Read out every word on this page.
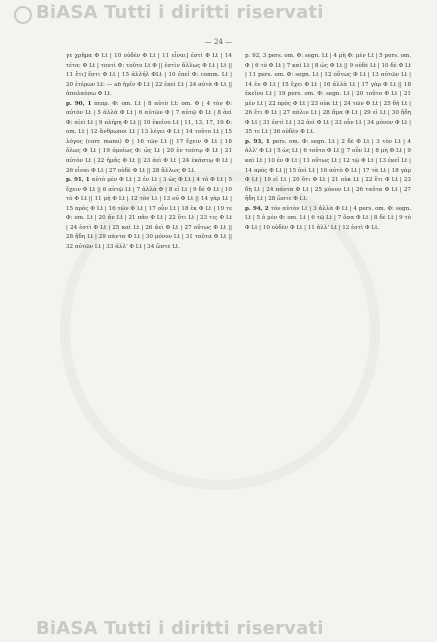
BiASA Tutti i diritti riservati
— 24 —

γε χρῆμα Φ Lt | 10 οὐδέν Φ Lt | 11 εἶναι] ἐστὶ Φ Lt | 14 τέτα: Φ Lt | τουτὶ Φ: τοῦτο Lt Φ || ἐστὶν ἄλλως Φ Lt | Lt || 11 ἔτι] ἔστι Φ Lt | 15 ἀλλήλ ΦLt | 10 ἐπεί Φ: comm. Lt | 20 ἑτέρων Lt: — ab ἡμῖν Φ Lt | 22 ἐπεὶ Lt | 24 αὐτὰ Φ Lt || ἀπολαύσω Φ Lt.

p. 90, 1 πεπρ. Φ: om. Lt | 8 αὐτὸ Lt: om. Φ | 4 τὸν Φ: αὐτὸν Lt | 5 ἀλλὰ Φ Lt | 6 αὐτῶν Φ | 7 αὐτῷ Φ Lt | 8 ἀεὶ Φ: αἰεὶ Lt | 9 πλήρη Φ Lt || 10 ἐκεῖνο Lt | 11, 13, 17, 19 Φ: om. Lt | 12 ἄνθρωποι Lt | 13 λέγει Φ Lt | 14 τοῦτο Lt | 15 λόγος (corr. manu) Φ | 16 τῶν Lt || 17 ἔχειν Φ Lt | 18 ὅλως Φ Lt | 19 ὁμοίως Φ: ὡς Lt | 20 ἐν τούτῳ Φ Lt | 21 αὐτὸν Lt | 22 ἡμᾶς Φ Lt || 23 ἀεὶ Φ Lt | 24 ἑκάστῳ Φ Lt | 26 εἶναι Φ Lt | 27 οὐδὲ Φ Lt || 28 ἄλλως Φ Lt.

p. 91, 1 αὐτὸ μὲν Φ Lt | 2 ἐν Lt | 3 ὡς Φ Lt | 4 τὸ Φ Lt | 5 ἔχειν Φ Lt || 6 αὐτῷ Lt | 7 ἀλλὰ Φ | 8 εἰ Lt | 9 δὲ Φ Lt | 10 τὸ Φ Lt || 11 μὴ Φ Lt | 12 τὸν Lt | 13 οὐ Φ Lt || 14 γὰρ Lt | 15 πρὸς Φ Lt | 16 τῶν Φ Lt | 17 οὖν Lt | 18 ἐκ Φ Lt | 19 τε Φ: om. Lt | 20 ἄν Lt | 21 πᾶν Φ Lt | 22 ὅτι Lt | 23 τις Φ Lt | 24 ἐστὶ Φ Lt | 25 καὶ Lt | 26 ἀεὶ Φ Lt | 27 οὕτως Φ Lt || 28 ἤδη Lt | 29 πάντα Φ Lt | 30 μόνον Lt | 31 ταῦτα Φ Lt || 32 αὐτῶν Lt | 33 ἀλλ' Φ Lt | 34 ὥστε Lt.

p. 92, 3 pers. om. Φ: segn. Lt | 4 μὴ Φ: μὲν Lt | 5 pers. om. Φ | 6 τὸ Φ Lt | 7 καὶ Lt | 8 ὡς Φ Lt || 9 οὐδὲ Lt | 10 δὲ Φ Lt | 11 pers. om. Φ: segn. Lt | 12 οὕτως Φ Lt | 13 αὐτῶν Lt | 14 ἐν Φ Lt | 15 ἔχει Φ Lt | 16 ἀλλὰ Lt | 17 γὰρ Φ Lt || 18 ἐκεῖνο Lt | 19 pers. om. Φ: segn. Lt | 20 τοῦτο Φ Lt | 21 μὲν Lt | 22 πρὸς Φ Lt | 23 οὐκ Lt | 24 τῶν Φ Lt | 25 δὴ Lt | 26 ἔτι Φ Lt | 27 πάλιν Lt | 28 ἅμα Φ Lt | 29 εἰ Lt | 30 ἤδη Φ Lt | 31 ἐστὶ Lt | 32 ἀεὶ Φ Lt | 33 οὖν Lt | 34 μόνον Φ Lt | 35 τε Lt | 36 οὐδὲν Φ Lt.

p. 93, 1 pers. om. Φ: segn. Lt | 2 δὲ Φ Lt | 3 τὸν Lt | 4 ἀλλ' Φ Lt | 5 ὡς Lt | 6 τοῦτο Φ Lt || 7 οὖν Lt | 8 μὴ Φ Lt | 9 καὶ Lt | 10 ἐν Φ Lt | 11 οὕτως Lt | 12 τῷ Φ Lt | 13 ἐκεῖ Lt | 14 πρὸς Φ Lt || 15 ἀεὶ Lt | 16 αὐτὸ Φ Lt | 17 τὰ Lt | 18 γὰρ Φ Lt | 19 εἰ Lt | 20 ὅτι Φ Lt | 21 οὐκ Lt | 22 ἔτι Φ Lt | 23 δὴ Lt | 24 πάντα Φ Lt | 25 μόνον Lt | 26 ταῦτα Φ Lt | 27 ἤδη Lt | 28 ὥστε Φ Lt.

p. 94, 2 τὸν αὐτὸν Lt | 3 ἀλλὰ Φ Lt | 4 pers. om. Φ: segn. Lt | 5 ὁ μὲν Φ: om. Lt | 6 τῷ Lt | 7 ὅσα Φ Lt | 8 δὲ Lt | 9 τὸ Φ Lt | 10 οὐδὲν Φ Lt | 11 ἀλλ' Lt | 12 ἐστὶ Φ Lt.

BiASA Tutti i diritti riservati
